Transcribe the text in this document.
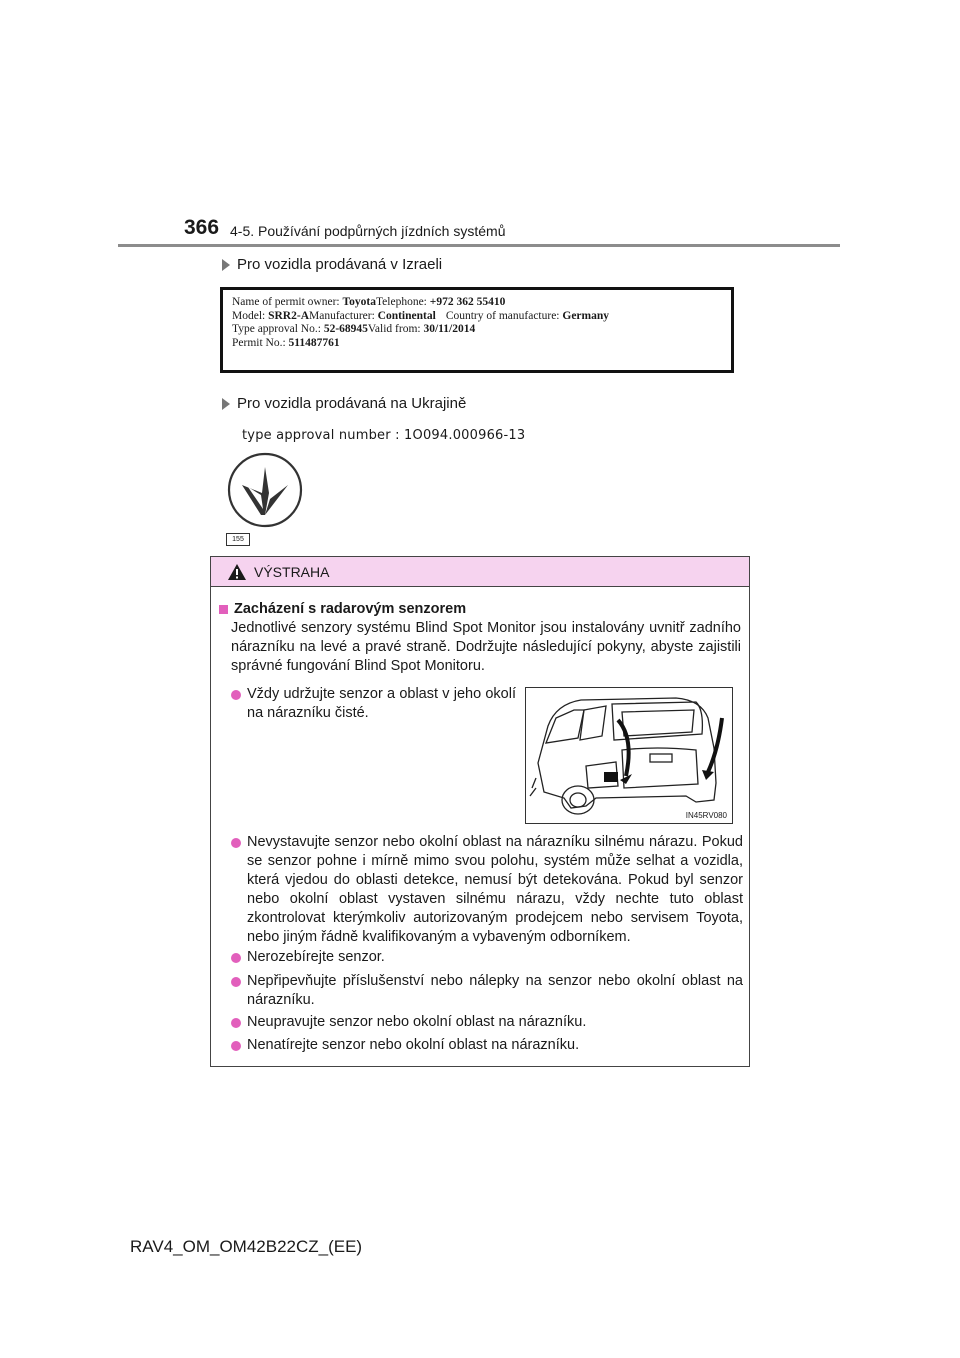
366 4-5. Používání podpůrných jízdních systémů
Pro vozidla prodávaná v Izraeli
Name of permit owner: ToyotaTelephone: +972 362 55410
Model: SRR2-AManufacturer: Continental Country of manufacture: Germany
Type approval No.: 52-68945Valid from: 30/11/2014
Permit No.: 511487761
Pro vozidla prodávaná na Ukrajině
type approval number : 1O094.000966-13
155
VÝSTRAHA
Zacházení s radarovým senzorem
Jednotlivé senzory systému Blind Spot Monitor jsou instalovány uvnitř zadního nárazníku na levé a pravé straně. Dodržujte následující pokyny, abyste zajistili správné fungování Blind Spot Monitoru.
Vždy udržujte senzor a oblast v jeho okolí na nárazníku čisté.
IN45RV080
Nevystavujte senzor nebo okolní oblast na nárazníku silnému nárazu. Pokud se senzor pohne i mírně mimo svou polohu, systém může selhat a vozidla, která vjedou do oblasti detekce, nemusí být detekována. Pokud byl senzor nebo okolní oblast vystaven silnému nárazu, vždy nechte tuto oblast zkontrolovat kterýmkoliv autorizovaným prodejcem nebo servisem Toyota, nebo jiným řádně kvalifikovaným a vybaveným odborníkem.
Nerozebírejte senzor.
Nepřipevňujte příslušenství nebo nálepky na senzor nebo okolní oblast na nárazníku.
Neupravujte senzor nebo okolní oblast na nárazníku.
Nenatírejte senzor nebo okolní oblast na nárazníku.
RAV4_OM_OM42B22CZ_(EE)
